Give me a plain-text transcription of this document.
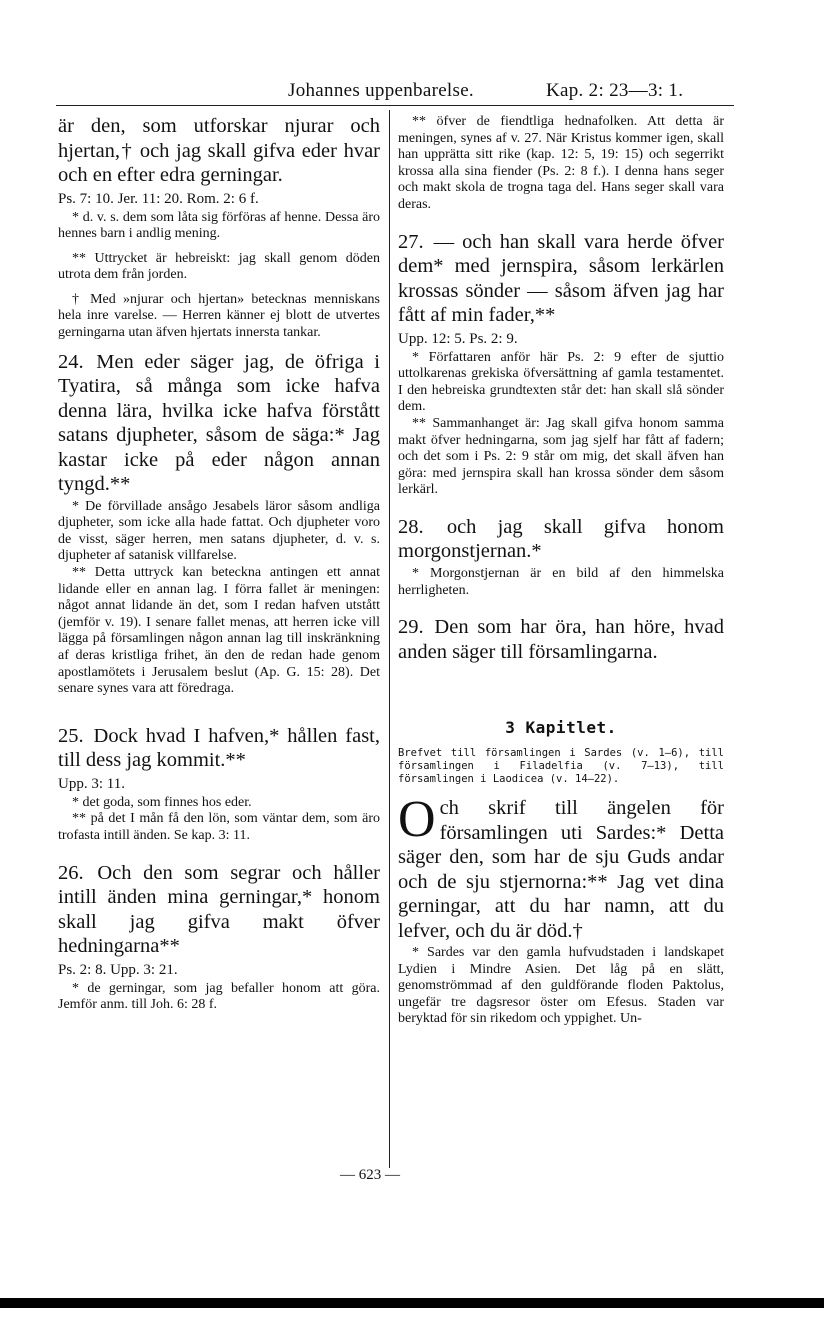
Johannes uppenbarelse.	Kap. 2: 23—3: 1.

är den, som utforskar njurar och hjertan,† och jag skall gifva eder hvar och en efter edra gerningar.

Ps. 7: 10. Jer. 11: 20. Rom. 2: 6 f.

* d. v. s. dem som låta sig förföras af henne. Dessa äro hennes barn i andlig mening.

** Uttrycket är hebreiskt: jag skall genom döden utrota dem från jorden.

† Med »njurar och hjertan» betecknas menniskans hela inre varelse. — Herren känner ej blott de utvertes gerningarna utan äfven hjertats innersta tankar.

24. Men eder säger jag, de öfriga i Tyatira, så många som icke hafva denna lära, hvilka icke hafva förstått satans djupheter, såsom de säga:* Jag kastar icke på eder någon annan tyngd.**

* De förvillade ansågo Jesabels läror såsom andliga djupheter, som icke alla hade fattat. Och djupheter voro de visst, säger herren, men satans djupheter, d. v. s. djupheter af satanisk villfarelse.

** Detta uttryck kan beteckna antingen ett annat lidande eller en annan lag. I förra fallet är meningen: något annat lidande än det, som I redan hafven utstått (jemför v. 19). I senare fallet menas, att herren icke vill lägga på församlingen någon annan lag till inskränkning af deras kristliga frihet, än den de redan hade genom apostlamötets i Jerusalem beslut (Ap. G. 15: 28). Det senare synes vara att föredraga.

25. Dock hvad I hafven,* hållen fast, till dess jag kommit.**

Upp. 3: 11.

* det goda, som finnes hos eder.

** på det I mån få den lön, som väntar dem, som äro trofasta intill änden. Se kap. 3: 11.

26. Och den som segrar och håller intill änden mina gerningar,* honom skall jag gifva makt öfver hedningarna**

Ps. 2: 8. Upp. 3: 21.

* de gerningar, som jag befaller honom att göra. Jemför anm. till Joh. 6: 28 f.

** öfver de fiendtliga hednafolken. Att detta är meningen, synes af v. 27. När Kristus kommer igen, skall han upprätta sitt rike (kap. 12: 5, 19: 15) och segerrikt krossa alla sina fiender (Ps. 2: 8 f.). I denna hans seger och makt skola de trogna taga del. Hans seger skall vara deras.

27. — och han skall vara herde öfver dem* med jernspira, såsom lerkärlen krossas sönder — såsom äfven jag har fått af min fader,**

Upp. 12: 5. Ps. 2: 9.

* Författaren anför här Ps. 2: 9 efter de sjuttio uttolkarenas grekiska öfversättning af gamla testamentet. I den hebreiska grundtexten står det: han skall slå sönder dem.

** Sammanhanget är: Jag skall gifva honom samma makt öfver hedningarna, som jag sjelf har fått af fadern; och det som i Ps. 2: 9 står om mig, det skall äfven han göra: med jernspira skall han krossa sönder dem såsom lerkärl.

28. och jag skall gifva honom morgonstjernan.*

* Morgonstjernan är en bild af den himmelska herrligheten.

29. Den som har öra, han höre, hvad anden säger till församlingarna.

3 Kapitlet.

Brefvet till församlingen i Sardes (v. 1—6), till församlingen i Filadelfia (v. 7—13), till församlingen i Laodicea (v. 14—22).

O ch skrif till ängelen för församlingen uti Sardes:* Detta säger den, som har de sju Guds andar och de sju stjernorna:** Jag vet dina gerningar, att du har namn, att du lefver, och du är död.†

* Sardes var den gamla hufvudstaden i landskapet Lydien i Mindre Asien. Det låg på en slätt, genomströmmad af den guldförande floden Paktolus, ungefär tre dagsresor öster om Efesus. Staden var beryktad för sin rikedom och yppighet. Un-

— 623 —
